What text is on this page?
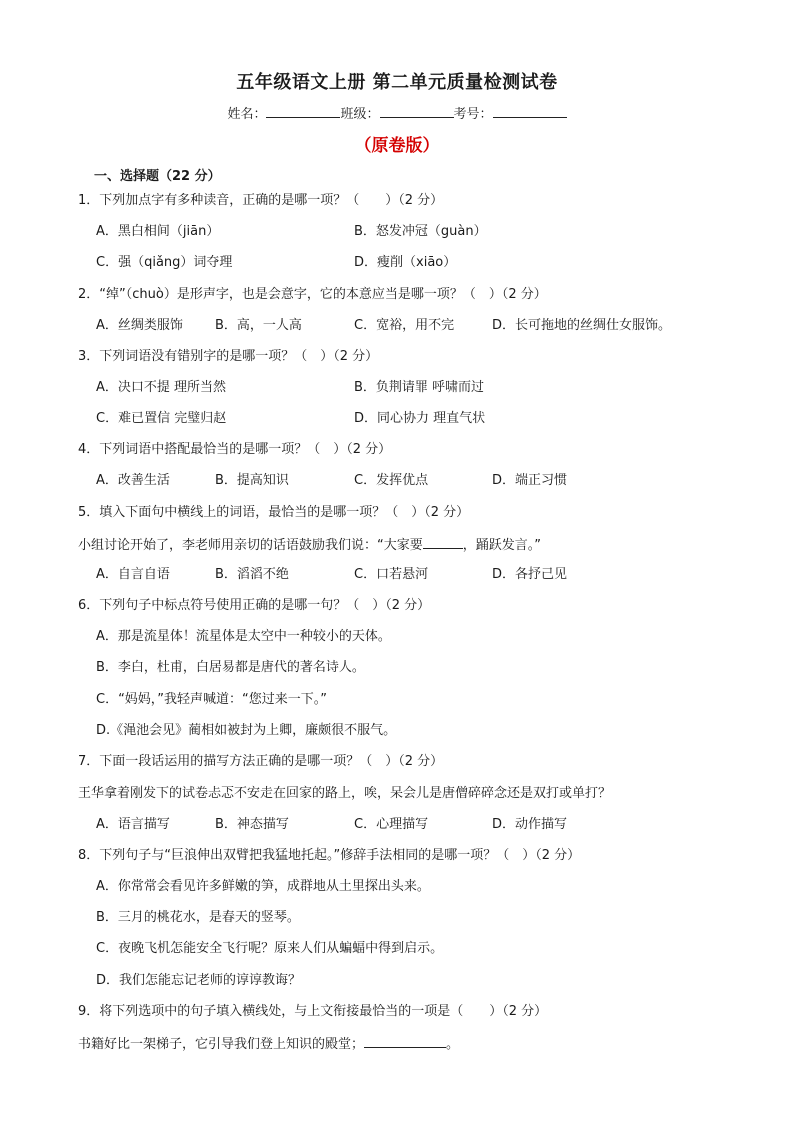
五年级语文上册 第二单元质量检测试卷
姓名：	班级：	考号：
（原卷版）
一、选择题（22 分）
1．下列加点字有多种读音，正确的是哪一项？（　　）（2 分）
A．黑白相间（jiān）	B．怒发冲冠（guàn）
C．强（qiǎng）词夺理	D．瘦削（xiāo）
2．“绰”（chuò）是形声字，也是会意字，它的本意应当是哪一项？（　）（2 分）
A．丝绸类服饰 B．高，一人高	C．宽裕，用不完	D．长可拖地的丝绸仕女服饰。
3．下列词语没有错别字的是哪一项？（　）（2 分）
A．决口不提 理所当然	B．负荆请罪 呼啸而过
C．难已置信 完璧归赵	D．同心协力 理直气状
4．下列词语中搭配最恰当的是哪一项？（　）（2 分）
A．改善生活	B．提高知识	C．发挥优点	D．端正习惯
5．填入下面句中横线上的词语，最恰当的是哪一项？（　）（2 分）
小组讨论开始了，李老师用亲切的话语鼓励我们说：“大家要	，踊跃发言。”
A．自言自语	B．滔滔不绝	C．口若悬河	D．各抒己见
6．下列句子中标点符号使用正确的是哪一句？（　）（2 分）
A．那是流星体！流星体是太空中一种较小的天体。
B．李白，杜甫，白居易都是唐代的著名诗人。
C．“妈妈，”我轻声喊道：“您过来一下。”
D.《渑池会见》蔺相如被封为上卿，廉颇很不服气。
7．下面一段话运用的描写方法正确的是哪一项？（　）（2 分）
王华拿着刚发下的试卷忐忑不安走在回家的路上，唉，呆会儿是唐僧碎碎念还是双打或单打？
A．语言描写	B．神态描写	C．心理描写	D．动作描写
8．下列句子与“巨浪伸出双臂把我猛地托起。”修辞手法相同的是哪一项？（　）（2 分）
A．你常常会看见许多鲜嫩的笋，成群地从土里探出头来。
B．三月的桃花水，是春天的竖琴。
C．夜晚飞机怎能安全飞行呢？原来人们从蝙蝠中得到启示。
D．我们怎能忘记老师的谆谆教诲？
9．将下列选项中的句子填入横线处，与上文衔接最恰当的一项是（　　）（2 分）
书籍好比一架梯子，它引导我们登上知识的殿堂；	。
